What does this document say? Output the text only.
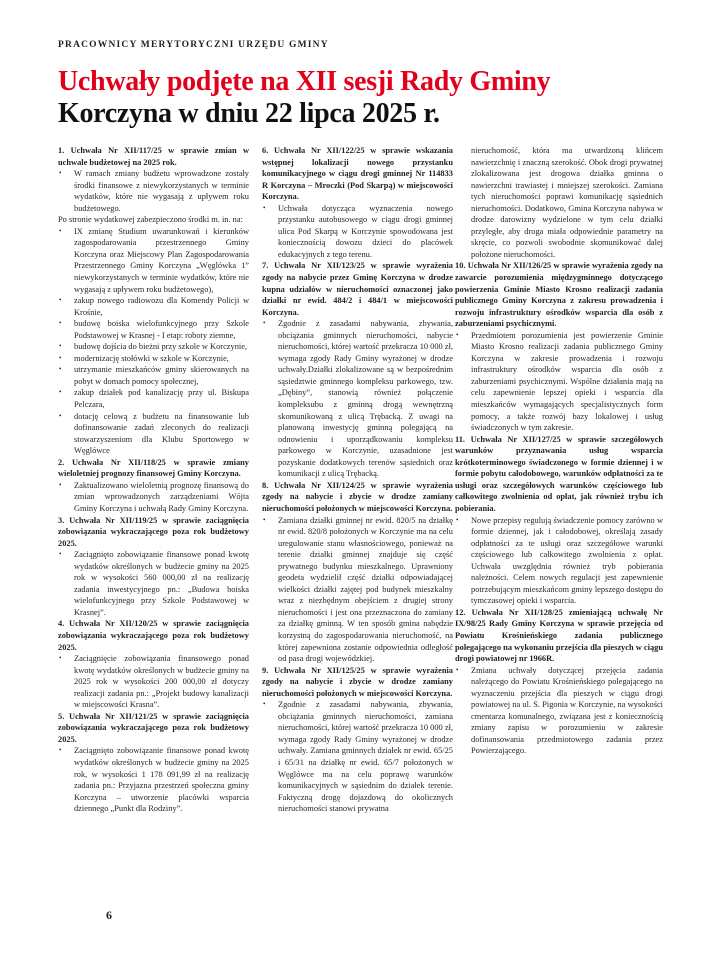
PRACOWNICY MERYTORYCZNI URZĘDU GMINY
Uchwały podjęte na XII sesji Rady Gminy
Korczyna w dniu 22 lipca 2025 r.

1. Uchwała Nr XII/117/25 w sprawie zmian w uchwale budżetowej na 2025 rok.

• W ramach zmiany budżetu wprowadzone zostały środki finansowe z niewykorzystanych w terminie wydatków, które nie wygasają z upływem roku budżetowego.

Po stronie wydatkowej zabezpieczono środki m. in. na:

• IX zmianę Studium uwarunkowań i kierunków zagospodarowania przestrzennego Gminy Korczyna oraz Miejscowy Plan Zagospodarowania Przestrzennego Gminy Korczyna „Węglówka 1” niewykorzystanych w terminie wydatków, które nie wygasają z upływem roku budżetowego),
• zakup nowego radiowozu dla Komendy Policji w Krośnie,
• budowę boiska wielofunkcyjnego przy Szkole Podstawowej w Krasnej - I etap: roboty ziemne,
• budowę dojścia do bieżni przy szkole w Korczynie,
• modernizację stołówki w szkole w Korczynie,
• utrzymanie mieszkańców gminy skierowanych na pobyt w domach pomocy społecznej,
• zakup działek pod kanalizację przy ul. Biskupa Pelczara,
• dotację celową z budżetu na finansowanie lub dofinansowanie zadań zleconych do realizacji stowarzyszeniom dla Klubu Sportowego w Węglówce

2. Uchwała Nr XII/118/25 w sprawie zmiany wieloletniej prognozy finansowej Gminy Korczyna.

• Zaktualizowano wieloletnią prognozę finansową do zmian wprowadzonych zarządzeniami Wójta Gminy Korczyna i uchwałą Rady Gminy Korczyna.

3. Uchwała Nr XII/119/25 w sprawie zaciągnięcia zobowiązania wykraczającego poza rok budżetowy 2025.

• Zaciągnięto zobowiązanie finansowe ponad kwotę wydatków określonych w budżecie gminy na 2025 rok w wysokości 560 000,00 zł na realizację zadania inwestycyjnego pn.: „Budowa boiska wielofunkcyjnego przy Szkole Podstawowej w Krasnej”.

4. Uchwała Nr XII/120/25 w sprawie zaciągnięcia zobowiązania wykraczającego poza rok budżetowy 2025.

• Zaciągnięcie zobowiązania finansowego ponad kwotę wydatków określonych w budżecie gminy na 2025 rok w wysokości 200 000,00 zł dotyczy realizacji zadania pn.: „Projekt budowy kanalizacji w miejscowości Krasna”.

5. Uchwała Nr XII/121/25 w sprawie zaciągnięcia zobowiązania wykraczającego poza rok budżetowy 2025.

• Zaciągnięto zobowiązanie finansowe ponad kwotę wydatków określonych w budżecie gminy na 2025 rok, w wysokości 1 178 091,99 zł na realizację zadania pn.: Przyjazna przestrzeń społeczna gminy Korczyna – utworzenie placówki wsparcia dziennego „Punkt dla Rodziny”.

6. Uchwała Nr XII/122/25 w sprawie wskazania wstępnej lokalizacji nowego przystanku komunikacyjnego w ciągu drogi gminnej Nr 114833 R Korczyna – Mroczki (Pod Skarpą) w miejscowości Korczyna.

• Uchwała dotycząca wyznaczenia nowego przystanku autobusowego w ciągu drogi gminnej ulica Pod Skarpą w Korczynie spowodowana jest koniecznością dowozu dzieci do placówek edukacyjnych z tego terenu.

7. Uchwała Nr XII/123/25 w sprawie wyrażenia zgody na nabycie przez Gminę Korczyna w drodze kupna udziałów w nieruchomości oznaczonej jako działki nr ewid. 484/2 i 484/1 w miejscowości Korczyna.

• Zgodnie z zasadami nabywania, zbywania, obciążania gminnych nieruchomości, nabycie nieruchomości, której wartość przekracza 10 000 zł, wymaga zgody Rady Gminy wyrażonej w drodze uchwały.Działki zlokalizowane są w bezpośrednim sąsiedztwie gminnego kompleksu parkowego, tzw. „Dębiny”, stanowią również połączenie kompleksubu z gminną drogą wewnętrzną skomunikowaną z ulicą Trębacką. Z uwagi na planowaną inwestycję gminną polegającą na odnowieniu i uporządkowaniu kompleksu parkowego w Korczynie, uzasadnione jest pozyskanie dodatkowych terenów sąsiednich oraz komunikacji z ulicą Trębacką.

8. Uchwała Nr XII/124/25 w sprawie wyrażenia zgody na nabycie i zbycie w drodze zamiany nieruchomości położonych w miejscowości Korczyna.

• Zamiana działki gminnej nr ewid. 820/5 na działkę nr ewid. 820/8 położonych w Korczynie ma na celu uregulowanie stanu własnościowego, ponieważ na terenie działki gminnej znajduje się część prywatnego budynku mieszkalnego. Uprawniony geodeta wydzielił część działki odpowiadającej wielkości działki zajętej pod budynek mieszkalny wraz z niezbędnym obejściem z drugiej strony nieruchomości i jest ona przeznaczona do zamiany za działkę gminną. W ten sposób gmina nabędzie korzystną do zagospodarowania nieruchomość, na której zapewniona zostanie odpowiednia odległość od pasa drogi wojewódzkiej.

9. Uchwała Nr XII/125/25 w sprawie wyrażenia zgody na nabycie i zbycie w drodze zamiany nieruchomości położonych w miejscowości Korczyna.

• Zgodnie z zasadami nabywania, zbywania, obciążania gminnych nieruchomości, zamiana nieruchomości, której wartość przekracza 10 000 zł, wymaga zgody Rady Gminy wyrażonej w drodze uchwały. Zamiana gminnych działek nr ewid. 65/25 i 65/31 na działkę nr ewid. 65/7 położonych w Węglówce ma na celu poprawę warunków komunikacyjnych w sąsiednim do działek terenie. Faktyczną drogę dojazdową do okolicznych nieruchomości stanowi prywatna

nieruchomość, która ma utwardzoną klińcem nawierzchnię i znaczną szerokość. Obok drogi prywatnej zlokalizowana jest drogowa działka gminna o nawierzchni trawiastej i mniejszej szerokości. Zamiana tych nieruchomości poprawi komunikację sąsiednich nieruchomości. Dodatkowo, Gmina Korczyna nabywa w drodze darowizny wydzielone w tym celu działki przyległe, aby droga miała odpowiednie parametry na skręcie, co pozwoli swobodnie skomunikować dalej położone nieruchomości.

10. Uchwała Nr XII/126/25 w sprawie wyrażenia zgody na zawarcie porozumienia międzygminnego dotyczącego powierzenia Gminie Miasto Krosno realizacji zadania publicznego Gminy Korczyna z zakresu prowadzenia i rozwoju infrastruktury ośrodków wsparcia dla osób z zaburzeniami psychicznymi.

• Przedmiotem porozumienia jest powierzenie Gminie Miasto Krosno realizacji zadania publicznego Gminy Korczyna w zakresie prowadzenia i rozwoju infrastruktury ośrodków wsparcia dla osób z zaburzeniami psychicznymi. Wspólne działania mają na celu zapewnienie lepszej opieki i wsparcia dla mieszkańców wymagających specjalistycznych form pomocy, a także rozwój bazy lokalowej i usług świadczonych w tym zakresie.

11. Uchwała Nr XII/127/25 w sprawie szczegółowych warunków przyznawania usług wsparcia krótkoterminowego świadczonego w formie dziennej i w formie pobytu całodobowego, warunków odpłatności za te usługi oraz szczegółowych warunków częściowego lub całkowitego zwolnienia od opłat, jak również trybu ich pobierania.

• Nowe przepisy regulują świadczenie pomocy zarówno w formie dziennej, jak i całodobowej, określają zasady odpłatności za te usługi oraz szczegółowe warunki częściowego lub całkowitego zwolnienia z opłat. Uchwała uwzględnia również tryb pobierania należności. Celem nowych regulacji jest zapewnienie potrzebującym mieszkańcom gminy lepszego dostępu do tymczasowej opieki i wsparcia.

12. Uchwała Nr XII/128/25 zmieniającą uchwałę Nr IX/98/25 Rady Gminy Korczyna w sprawie przejęcia od Powiatu Krośnieńskiego zadania publicznego polegającego na wykonaniu przejścia dla pieszych w ciągu drogi powiatowej nr 1966R.

• Zmiana uchwały dotyczącej przejęcia zadania należącego do Powiatu Krośnieńskiego polegającego na wyznaczeniu przejścia dla pieszych w ciągu drogi powiatowej na ul. S. Pigonia w Korczynie, na wysokości cmentarza komunalnego, związana jest z koniecznością zmiany zapisu w porozumieniu w zakresie dofinansowania przedmiotowego zadania przez Powierzającego.
6
